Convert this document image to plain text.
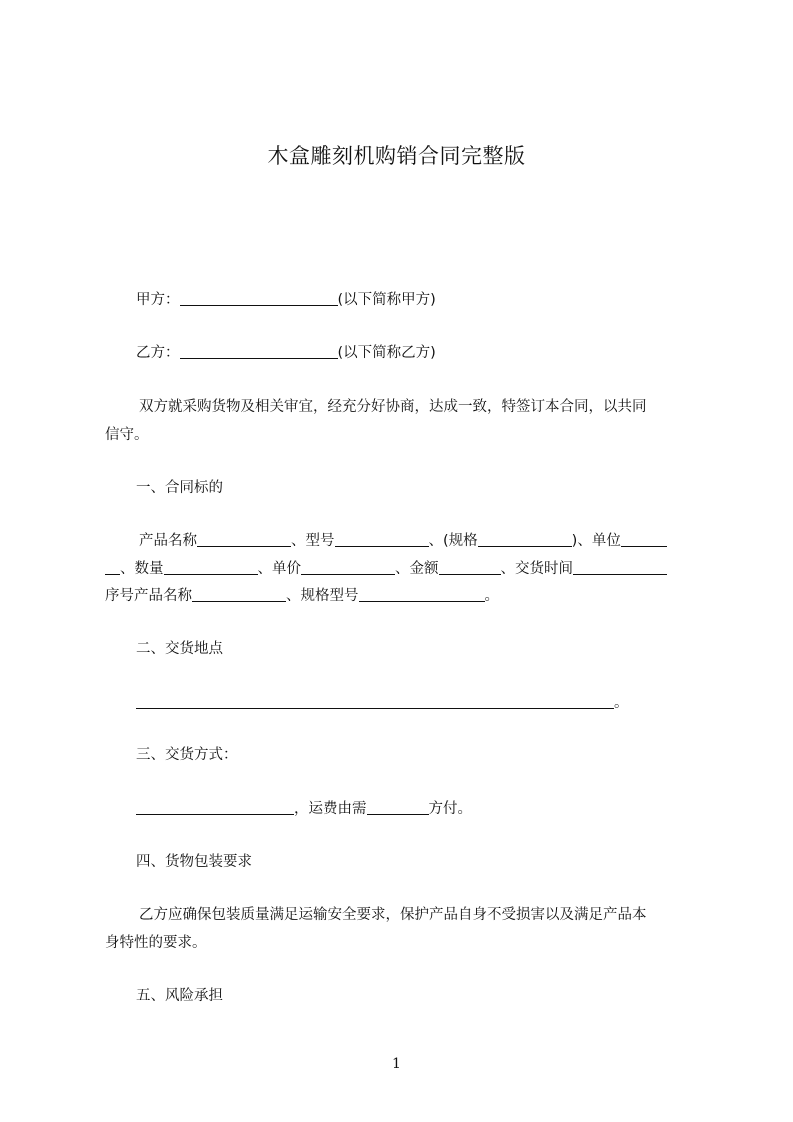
木盒雕刻机购销合同完整版
甲方：	(以下简称甲方)
乙方：	(以下简称乙方)
双方就采购货物及相关审宜，经充分好协商，达成一致，特签订本合同，以共同
信守。
一、合同标的
产品名称	、型号	、(规格	)、单位
、数量	、单价	、金额	、交货时间
序号产品名称	、规格型号	。
二、交货地点
。
三、交货方式：
，运费由需	方付。
四、货物包装要求
乙方应确保包装质量满足运输安全要求，保护产品自身不受损害以及满足产品本
身特性的要求。
五、风险承担
1
